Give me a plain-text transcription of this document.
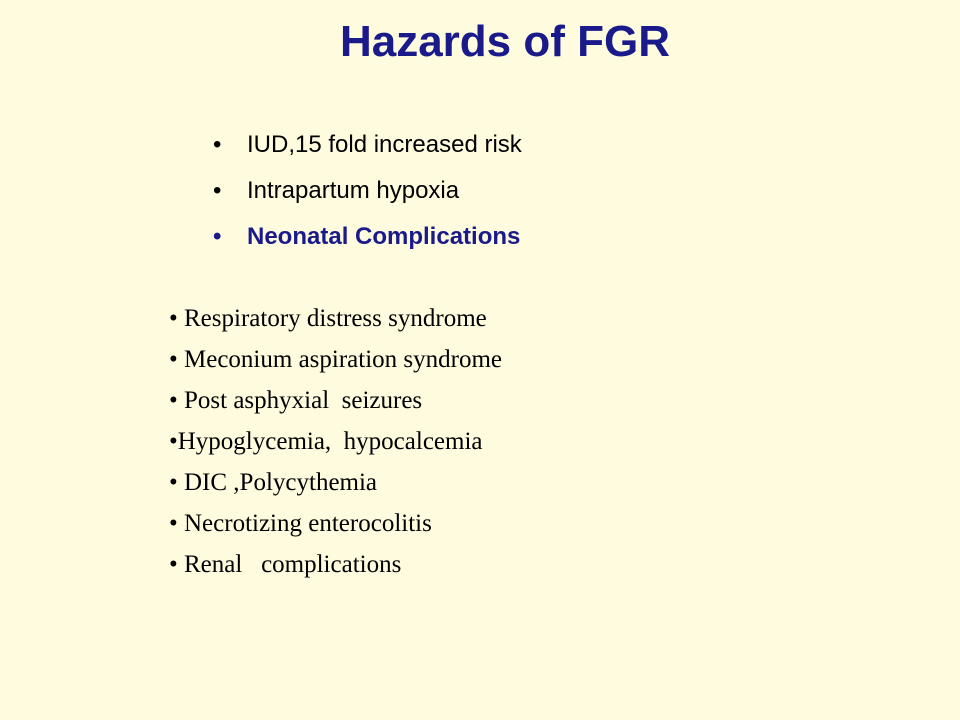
Hazards of FGR
• IUD,15 fold increased risk
• Intrapartum hypoxia
• Neonatal Complications
• Respiratory distress syndrome
• Meconium aspiration syndrome
• Post asphyxial  seizures
•Hypoglycemia,  hypocalcemia
• DIC ,Polycythemia
• Necrotizing enterocolitis
• Renal   complications
